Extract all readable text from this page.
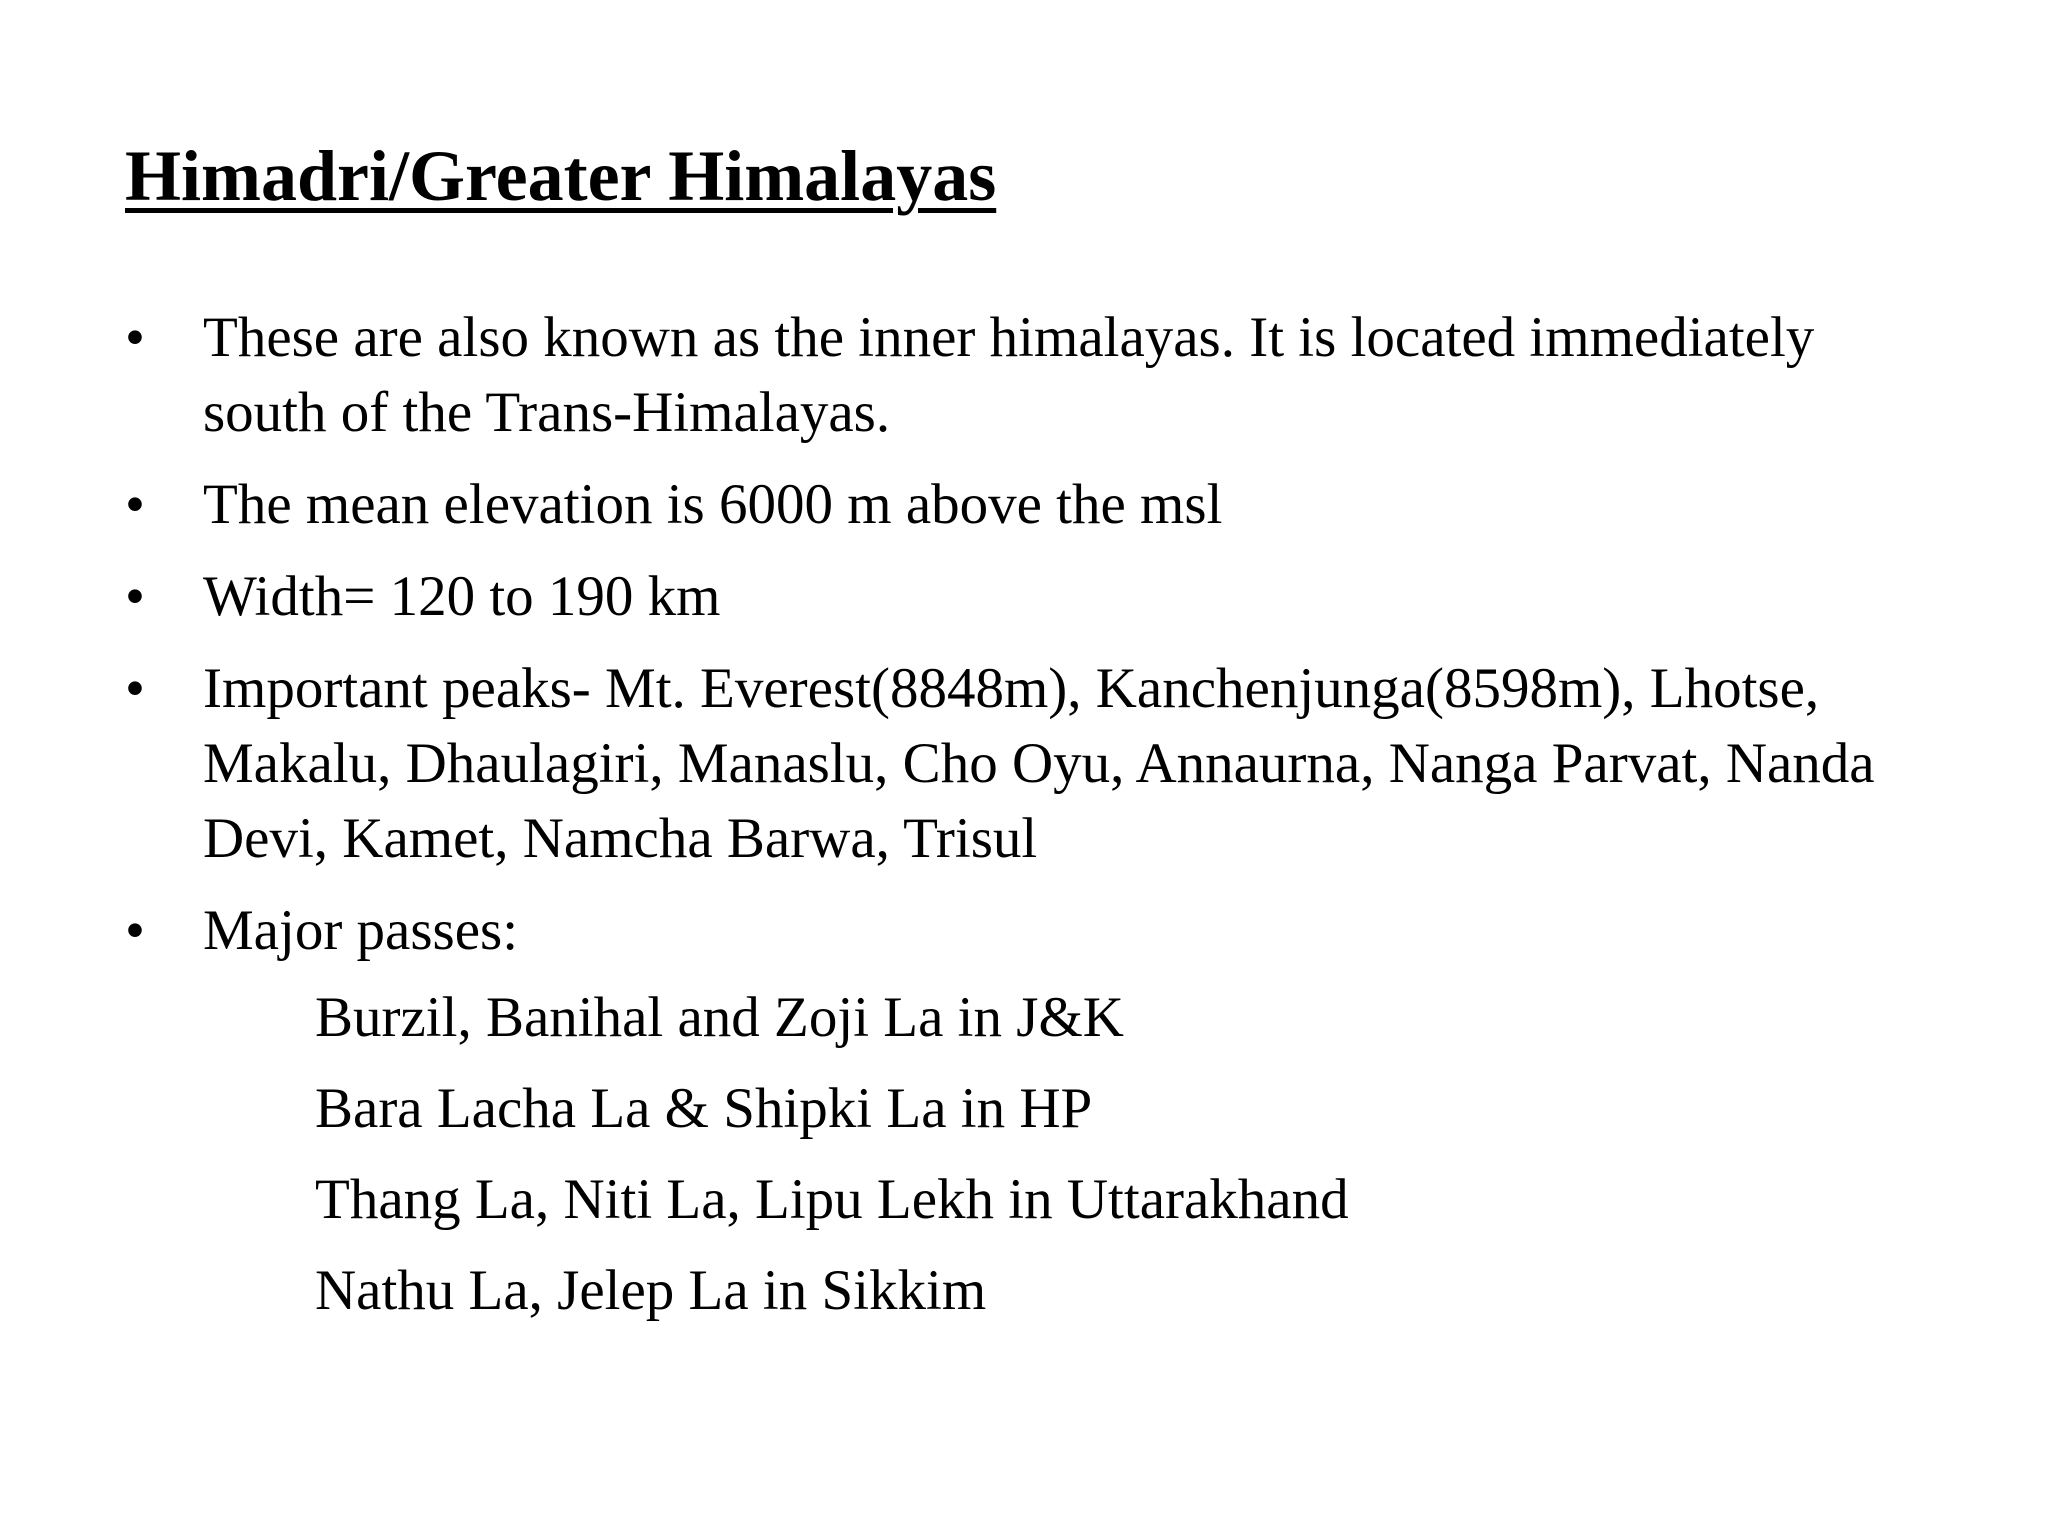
Himadri/Greater Himalayas
•	These are also known as the inner himalayas. It is located immediately south of the Trans-Himalayas.
•	The mean elevation is 6000 m above the msl
•	Width= 120 to 190 km
•	Important peaks- Mt. Everest(8848m), Kanchenjunga(8598m), Lhotse, Makalu, Dhaulagiri, Manaslu, Cho Oyu, Annaurna, Nanga Parvat, Nanda Devi, Kamet, Namcha Barwa, Trisul
•	Major passes:
Burzil, Banihal and Zoji La in J&K
Bara Lacha La & Shipki La in HP
Thang La, Niti La, Lipu Lekh in Uttarakhand
Nathu La, Jelep La in Sikkim
